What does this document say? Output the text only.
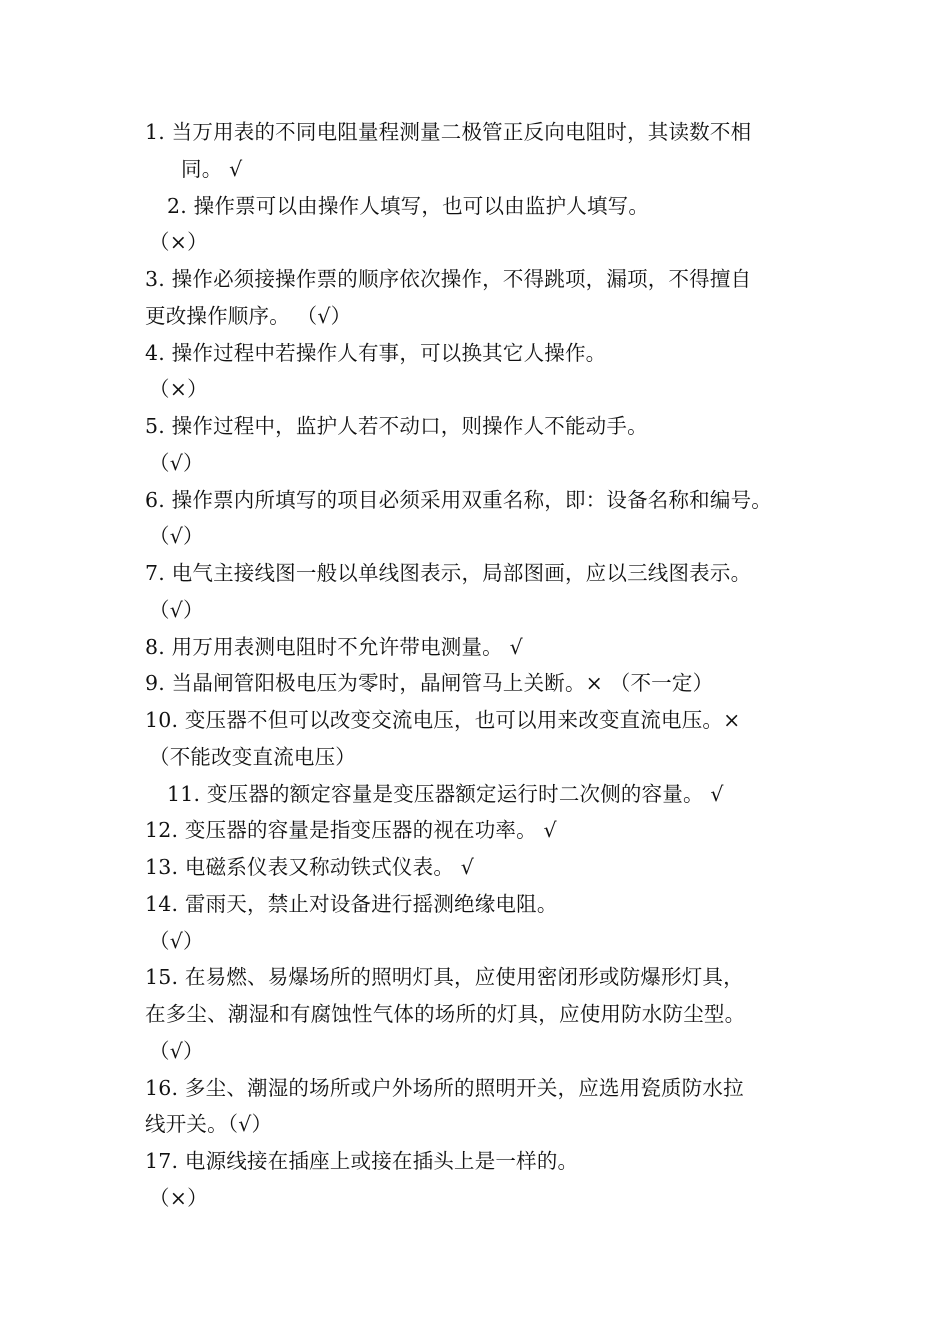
1. 当万用表的不同电阻量程测量二极管正反向电阻时，其读数不相
同。 √
2. 操作票可以由操作人填写，也可以由监护人填写。
（×）
3. 操作必须接操作票的顺序依次操作，不得跳项，漏项，不得擅自
更改操作顺序。 （√）
4. 操作过程中若操作人有事，可以换其它人操作。
（×）
5. 操作过程中，监护人若不动口，则操作人不能动手。
（√）
6. 操作票内所填写的项目必须采用双重名称，即：设备名称和编号。
（√）
7. 电气主接线图一般以单线图表示，局部图画，应以三线图表示。
（√）
8. 用万用表测电阻时不允许带电测量。 √
9. 当晶闸管阳极电压为零时，晶闸管马上关断。× （不一定）
10. 变压器不但可以改变交流电压，也可以用来改变直流电压。×
（不能改变直流电压）
11. 变压器的额定容量是变压器额定运行时二次侧的容量。 √
12. 变压器的容量是指变压器的视在功率。 √
13. 电磁系仪表又称动铁式仪表。 √
14. 雷雨天，禁止对设备进行摇测绝缘电阻。
（√）
15. 在易燃、易爆场所的照明灯具，应使用密闭形或防爆形灯具，
在多尘、潮湿和有腐蚀性气体的场所的灯具，应使用防水防尘型。
（√）
16. 多尘、潮湿的场所或户外场所的照明开关，应选用瓷质防水拉
线开关。（√）
17. 电源线接在插座上或接在插头上是一样的。
（×）
